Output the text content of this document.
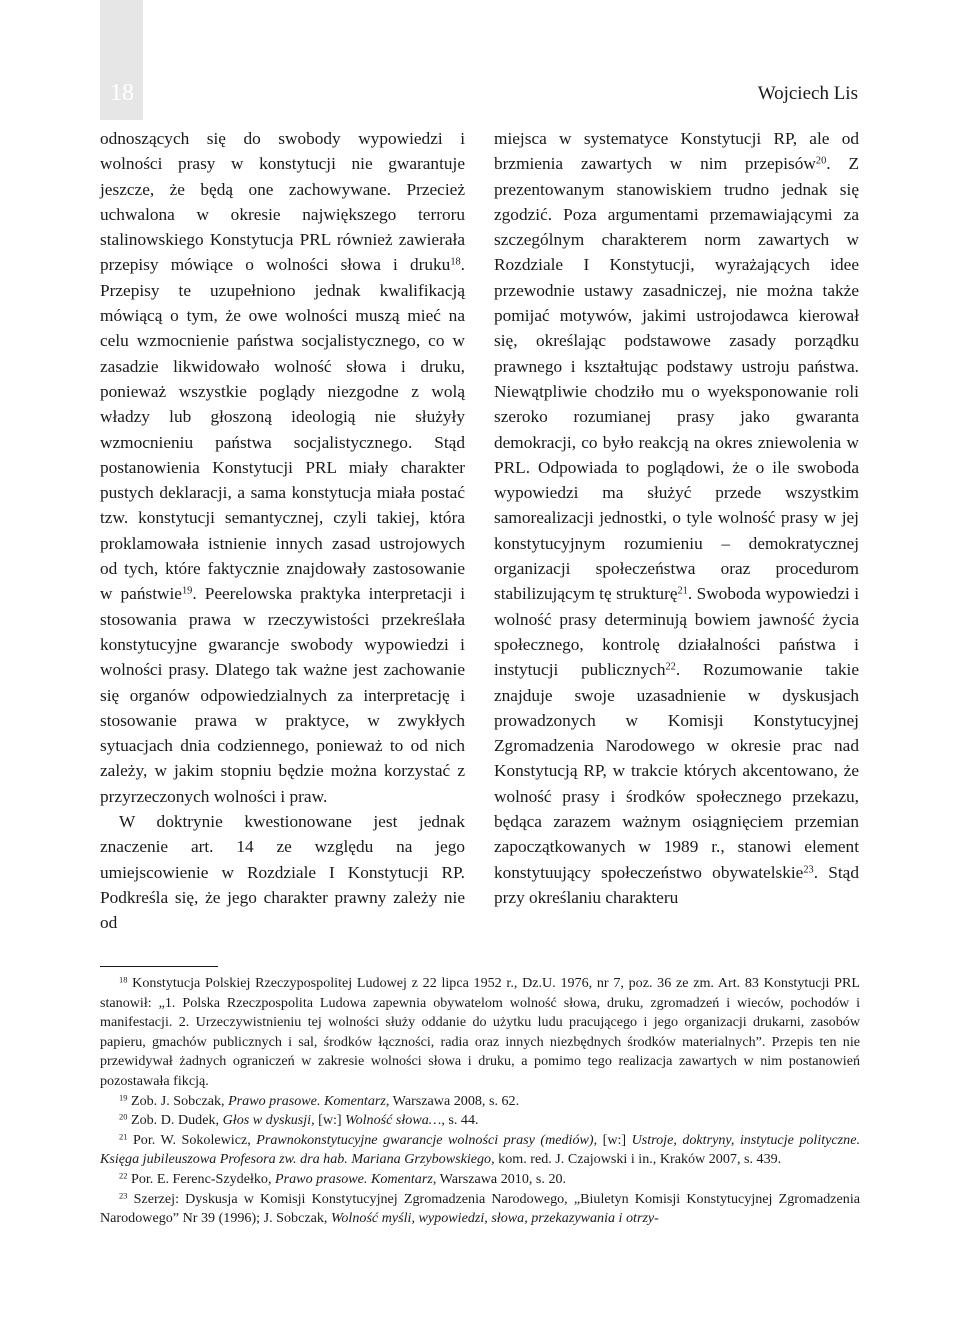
18	Wojciech Lis

odnoszących się do swobody wypowiedzi i wolności prasy w konstytucji nie gwarantuje jeszcze, że będą one zachowywane. Przecież uchwalona w okresie największego terroru stalinowskiego Konstytucja PRL również zawierała przepisy mówiące o wolności słowa i druku$^{18}$. Przepisy te uzupełniono jednak kwalifikacją mówiącą o tym, że owe wolności muszą mieć na celu wzmocnienie państwa socjalistycznego, co w zasadzie likwidowało wolność słowa i druku, ponieważ wszystkie poglądy niezgodne z wolą władzy lub głoszoną ideologią nie służyły wzmocnieniu państwa socjalistycznego. Stąd postanowienia Konstytucji PRL miały charakter pustych deklaracji, a sama konstytucja miała postać tzw. konstytucji semantycznej, czyli takiej, która proklamowała istnienie innych zasad ustrojowych od tych, które faktycznie znajdowały zastosowanie w państwie$^{19}$. Peerelowska praktyka interpretacji i stosowania prawa w rzeczywistości przekreślała konstytucyjne gwarancje swobody wypowiedzi i wolności prasy. Dlatego tak ważne jest zachowanie się organów odpowiedzialnych za interpretację i stosowanie prawa w praktyce, w zwykłych sytuacjach dnia codziennego, ponieważ to od nich zależy, w jakim stopniu będzie można korzystać z przyrzeczonych wolności i praw.

W doktrynie kwestionowane jest jednak znaczenie art. 14 ze względu na jego umiejscowienie w Rozdziale I Konstytucji RP. Podkreśla się, że jego charakter prawny zależy nie od

miejsca w systematyce Konstytucji RP, ale od brzmienia zawartych w nim przepisów$^{20}$. Z prezentowanym stanowiskiem trudno jednak się zgodzić. Poza argumentami przemawiającymi za szczególnym charakterem norm zawartych w Rozdziale I Konstytucji, wyrażających idee przewodnie ustawy zasadniczej, nie można także pomijać motywów, jakimi ustrojodawca kierował się, określając podstawowe zasady porządku prawnego i kształtując podstawy ustroju państwa. Niewątpliwie chodziło mu o wyeksponowanie roli szeroko rozumianej prasy jako gwaranta demokracji, co było reakcją na okres zniewolenia w PRL. Odpowiada to poglądowi, że o ile swoboda wypowiedzi ma służyć przede wszystkim samorealizacji jednostki, o tyle wolność prasy w jej konstytucyjnym rozumieniu – demokratycznej organizacji społeczeństwa oraz procedurom stabilizującym tę strukturę$^{21}$. Swoboda wypowiedzi i wolność prasy determinują bowiem jawność życia społecznego, kontrolę działalności państwa i instytucji publicznych$^{22}$. Rozumowanie takie znajduje swoje uzasadnienie w dyskusjach prowadzonych w Komisji Konstytucyjnej Zgromadzenia Narodowego w okresie prac nad Konstytucją RP, w trakcie których akcentowano, że wolność prasy i środków społecznego przekazu, będąca zarazem ważnym osiągnięciem przemian zapoczątkowanych w 1989 r., stanowi element konstytuujący społeczeństwo obywatelskie$^{23}$. Stąd przy określaniu charakteru

$^{18}$ Konstytucja Polskiej Rzeczypospolitej Ludowej z 22 lipca 1952 r., Dz.U. 1976, nr 7, poz. 36 ze zm. Art. 83 Konstytucji PRL stanowił: „1. Polska Rzeczpospolita Ludowa zapewnia obywatelom wolność słowa, druku, zgromadzeń i wieców, pochodów i manifestacji. 2. Urzeczywistnieniu tej wolności służy oddanie do użytku ludu pracującego i jego organizacji drukarni, zasobów papieru, gmachów publicznych i sal, środków łączności, radia oraz innych niezbędnych środków materialnych”. Przepis ten nie przewidywał żadnych ograniczeń w zakresie wolności słowa i druku, a pomimo tego realizacja zawartych w nim postanowień pozostawała fikcją.

$^{19}$ Zob. J. Sobczak, Prawo prasowe. Komentarz, Warszawa 2008, s. 62.

$^{20}$ Zob. D. Dudek, Głos w dyskusji, [w:] Wolność słowa…, s. 44.

$^{21}$ Por. W. Sokolewicz, Prawnokonstytucyjne gwarancje wolności prasy (mediów), [w:] Ustroje, doktryny, instytucje polityczne. Księga jubileuszowa Profesora zw. dra hab. Mariana Grzybowskiego, kom. red. J. Czajowski i in., Kraków 2007, s. 439.

$^{22}$ Por. E. Ferenc-Szydełko, Prawo prasowe. Komentarz, Warszawa 2010, s. 20.

$^{23}$ Szerzej: Dyskusja w Komisji Konstytucyjnej Zgromadzenia Narodowego, „Biuletyn Komisji Konstytucyjnej Zgromadzenia Narodowego” Nr 39 (1996); J. Sobczak, Wolność myśli, wypowiedzi, słowa, przekazywania i otrzy-
